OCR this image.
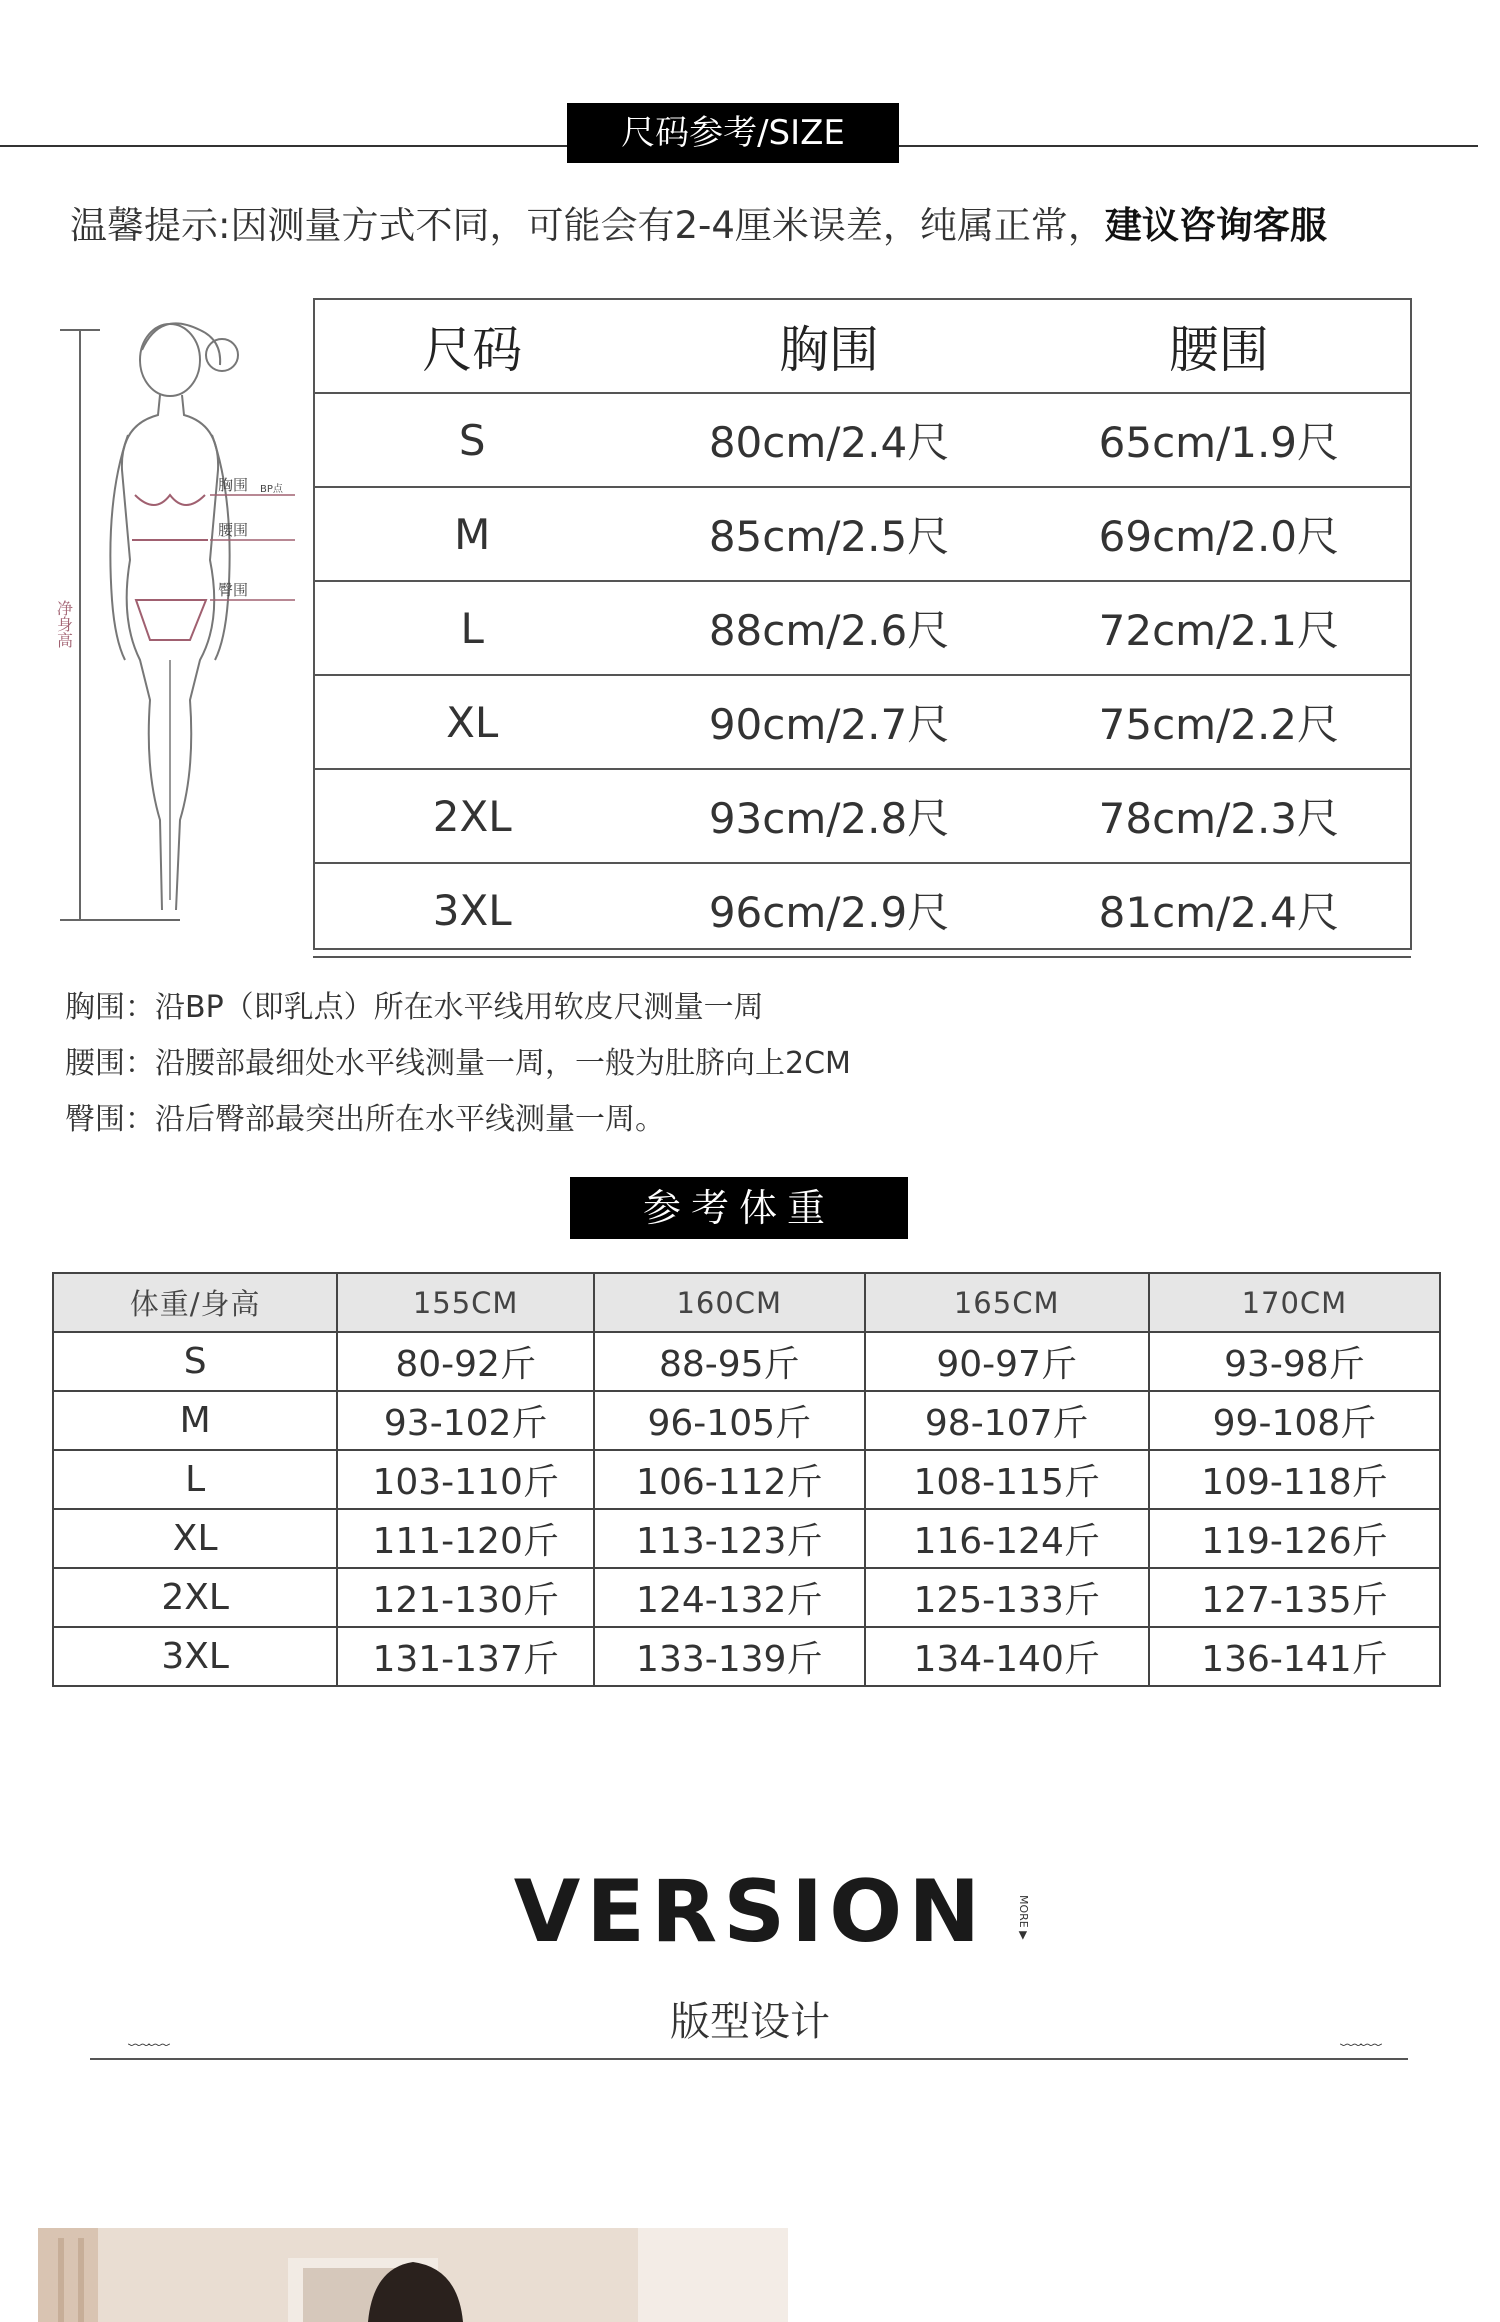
尺码参考/SIZE
温馨提示:因测量方式不同，可能会有2-4厘米误差，纯属正常，建议咨询客服
胸围 BP点
腰围
臀围
净身高
尺码	胸围	腰围
S	80cm/2.4尺	65cm/1.9尺
M	85cm/2.5尺	69cm/2.0尺
L	88cm/2.6尺	72cm/2.1尺
XL	90cm/2.7尺	75cm/2.2尺
2XL	93cm/2.8尺	78cm/2.3尺
3XL	96cm/2.9尺	81cm/2.4尺
胸围：沿BP（即乳点）所在水平线用软皮尺测量一周
腰围：沿腰部最细处水平线测量一周，一般为肚脐向上2CM
臀围：沿后臀部最突出所在水平线测量一周。
参考体重
体重/身高	155CM	160CM	165CM	170CM
S	80-92斤	88-95斤	90-97斤	93-98斤
M	93-102斤	96-105斤	98-107斤	99-108斤
L	103-110斤	106-112斤	108-115斤	109-118斤
XL	111-120斤	113-123斤	116-124斤	119-126斤
2XL	121-130斤	124-132斤	125-133斤	127-135斤
3XL	131-137斤	133-139斤	134-140斤	136-141斤
VERSION	MORE ▶
版型设计
﹏﹏	﹏﹏
